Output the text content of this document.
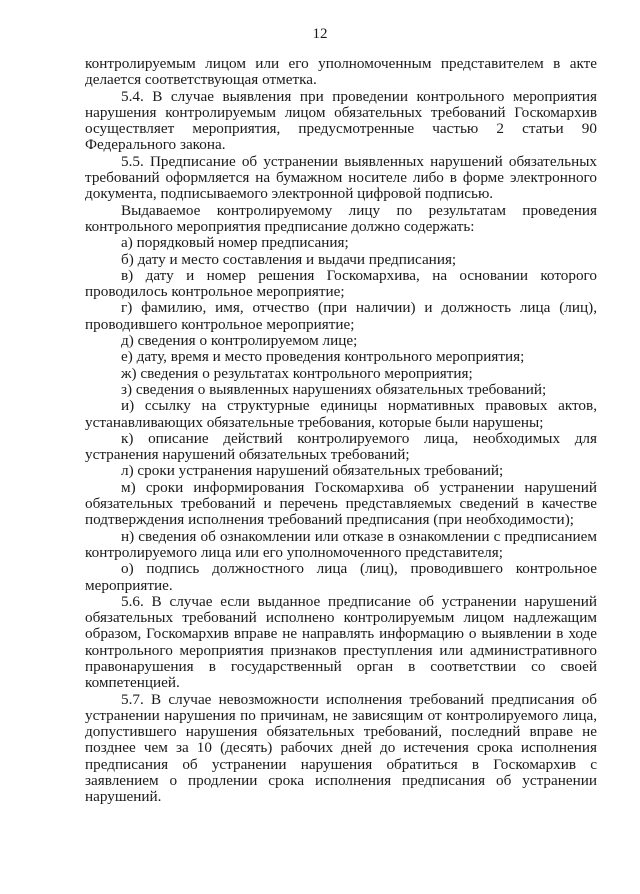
12

контролируемым лицом или его уполномоченным представителем в акте делается соответствующая отметка.

5.4. В случае выявления при проведении контрольного мероприятия нарушения контролируемым лицом обязательных требований Госкомархив осуществляет мероприятия, предусмотренные частью 2 статьи 90 Федерального закона.

5.5. Предписание об устранении выявленных нарушений обязательных требований оформляется на бумажном носителе либо в форме электронного документа, подписываемого электронной цифровой подписью.

Выдаваемое контролируемому лицу по результатам проведения контрольного мероприятия предписание должно содержать:

а) порядковый номер предписания;

б) дату и место составления и выдачи предписания;

в) дату и номер решения Госкомархива, на основании которого проводилось контрольное мероприятие;

г) фамилию, имя, отчество (при наличии) и должность лица (лиц), проводившего контрольное мероприятие;

д) сведения о контролируемом лице;

е) дату, время и место проведения контрольного мероприятия;

ж) сведения о результатах контрольного мероприятия;

з) сведения о выявленных нарушениях обязательных требований;

и) ссылку на структурные единицы нормативных правовых актов, устанавливающих обязательные требования, которые были нарушены;

к) описание действий контролируемого лица, необходимых для устранения нарушений обязательных требований;

л) сроки устранения нарушений обязательных требований;

м) сроки информирования Госкомархива об устранении нарушений обязательных требований и перечень представляемых сведений в качестве подтверждения исполнения требований предписания (при необходимости);

н) сведения об ознакомлении или отказе в ознакомлении с предписанием контролируемого лица или его уполномоченного представителя;

о) подпись должностного лица (лиц), проводившего контрольное мероприятие.

5.6. В случае если выданное предписание об устранении нарушений обязательных требований исполнено контролируемым лицом надлежащим образом, Госкомархив вправе не направлять информацию о выявлении в ходе контрольного мероприятия признаков преступления или административного правонарушения в государственный орган в соответствии со своей компетенцией.

5.7. В случае невозможности исполнения требований предписания об устранении нарушения по причинам, не зависящим от контролируемого лица, допустившего нарушения обязательных требований, последний вправе не позднее чем за 10 (десять) рабочих дней до истечения срока исполнения предписания об устранении нарушения обратиться в Госкомархив с заявлением о продлении срока исполнения предписания об устранении нарушений.
